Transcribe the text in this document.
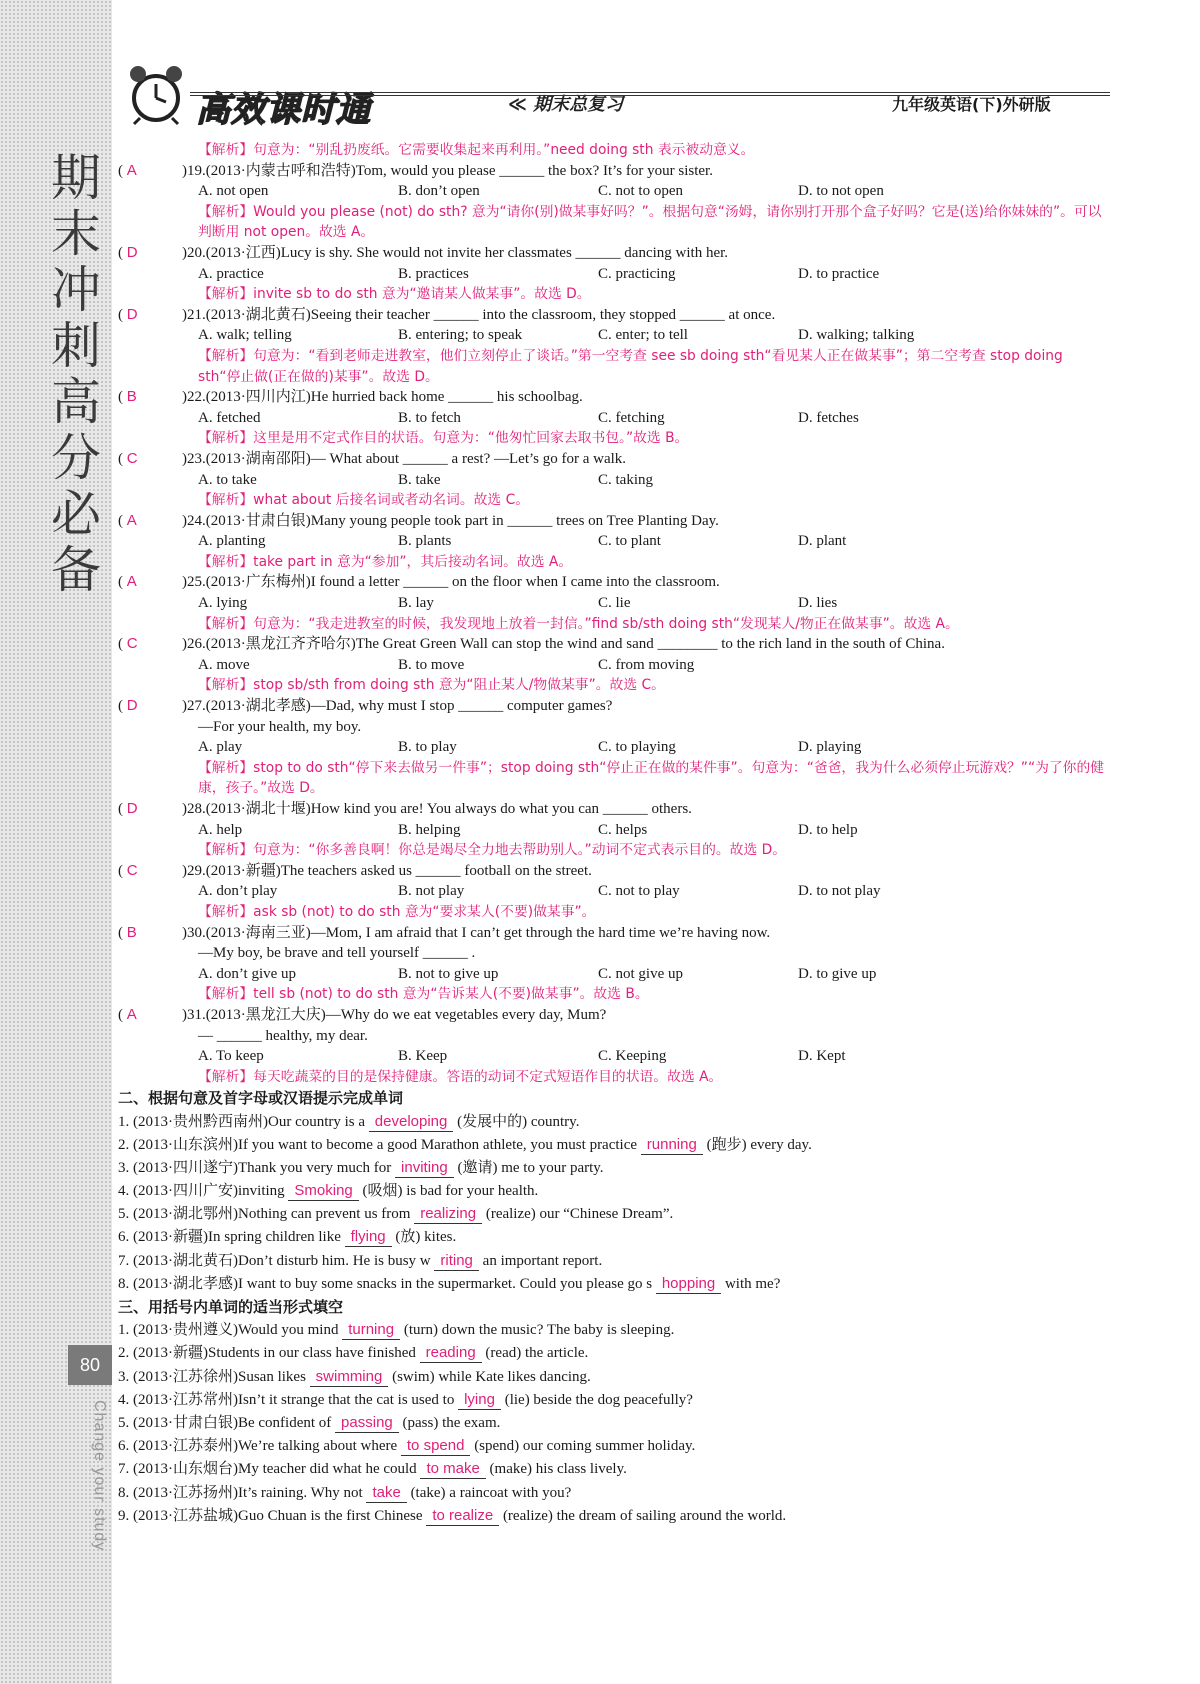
期
末
冲
刺
高
分
必
备
80
Change your study
高效课时通	≪ 期末总复习	九年级英语(下)外研版
【解析】句意为：“别乱扔废纸。它需要收集起来再利用。”need doing sth 表示被动意义。
( A	)19.(2013·内蒙古呼和浩特)Tom, would you please ______ the box? It’s for your sister.
A. not open	B. don’t open	C. not to open	D. to not open
【解析】Would you please (not) do sth? 意为“请你(别)做某事好吗？”。根据句意“汤姆，请你别打开那个盒子好吗？它是(送)给你妹妹的”。可以判断用 not open。故选 A。
( D	)20.(2013·江西)Lucy is shy. She would not invite her classmates ______ dancing with her.
A. practice	B. practices	C. practicing	D. to practice
【解析】invite sb to do sth 意为“邀请某人做某事”。故选 D。
( D	)21.(2013·湖北黄石)Seeing their teacher ______ into the classroom, they stopped ______ at once.
A. walk; telling	B. entering; to speak	C. enter; to tell	D. walking; talking
【解析】句意为：“看到老师走进教室，他们立刻停止了谈话。”第一空考查 see sb doing sth“看见某人正在做某事”；第二空考查 stop doing sth“停止做(正在做的)某事”。故选 D。
( B	)22.(2013·四川内江)He hurried back home ______ his schoolbag.
A. fetched	B. to fetch	C. fetching	D. fetches
【解析】这里是用不定式作目的状语。句意为：“他匆忙回家去取书包。”故选 B。
( C	)23.(2013·湖南邵阳)— What about ______ a rest? —Let’s go for a walk.
A. to take	B. take	C. taking
【解析】what about 后接名词或者动名词。故选 C。
( A	)24.(2013·甘肃白银)Many young people took part in ______ trees on Tree Planting Day.
A. planting	B. plants	C. to plant	D. plant
【解析】take part in 意为“参加”，其后接动名词。故选 A。
( A	)25.(2013·广东梅州)I found a letter ______ on the floor when I came into the classroom.
A. lying	B. lay	C. lie	D. lies
【解析】句意为：“我走进教室的时候，我发现地上放着一封信。”find sb/sth doing sth“发现某人/物正在做某事”。故选 A。
( C	)26.(2013·黑龙江齐齐哈尔)The Great Green Wall can stop the wind and sand ________ to the rich land in the south of China.
A. move	B. to move	C. from moving
【解析】stop sb/sth from doing sth 意为“阻止某人/物做某事”。故选 C。
( D	)27.(2013·湖北孝感)—Dad, why must I stop ______ computer games?
—For your health, my boy.
A. play	B. to play	C. to playing	D. playing
【解析】stop to do sth“停下来去做另一件事”；stop doing sth“停止正在做的某件事”。句意为：“爸爸，我为什么必须停止玩游戏？”“为了你的健康，孩子。”故选 D。
( D	)28.(2013·湖北十堰)How kind you are! You always do what you can ______ others.
A. help	B. helping	C. helps	D. to help
【解析】句意为：“你多善良啊！你总是竭尽全力地去帮助别人。”动词不定式表示目的。故选 D。
( C	)29.(2013·新疆)The teachers asked us ______ football on the street.
A. don’t play	B. not play	C. not to play	D. to not play
【解析】ask sb (not) to do sth 意为“要求某人(不要)做某事”。
( B	)30.(2013·海南三亚)—Mom, I am afraid that I can’t get through the hard time we’re having now.
—My boy, be brave and tell yourself ______ .
A. don’t give up	B. not to give up	C. not give up	D. to give up
【解析】tell sb (not) to do sth 意为“告诉某人(不要)做某事”。故选 B。
( A	)31.(2013·黑龙江大庆)—Why do we eat vegetables every day, Mum?
— ______ healthy, my dear.
A. To keep	B. Keep	C. Keeping	D. Kept
【解析】每天吃蔬菜的目的是保持健康。答语的动词不定式短语作目的状语。故选 A。
二、根据句意及首字母或汉语提示完成单词
1. (2013·贵州黔西南州)Our country is a developing (发展中的) country.
2. (2013·山东滨州)If you want to become a good Marathon athlete, you must practice running (跑步) every day.
3. (2013·四川遂宁)Thank you very much for inviting (邀请) me to your party.
4. (2013·四川广安)inviting Smoking (吸烟) is bad for your health.
5. (2013·湖北鄂州)Nothing can prevent us from realizing (realize) our “Chinese Dream”.
6. (2013·新疆)In spring children like flying (放) kites.
7. (2013·湖北黄石)Don’t disturb him. He is busy w riting an important report.
8. (2013·湖北孝感)I want to buy some snacks in the supermarket. Could you please go s hopping with me?
三、用括号内单词的适当形式填空
1. (2013·贵州遵义)Would you mind turning (turn) down the music? The baby is sleeping.
2. (2013·新疆)Students in our class have finished reading (read) the article.
3. (2013·江苏徐州)Susan likes swimming (swim) while Kate likes dancing.
4. (2013·江苏常州)Isn’t it strange that the cat is used to lying (lie) beside the dog peacefully?
5. (2013·甘肃白银)Be confident of passing (pass) the exam.
6. (2013·江苏泰州)We’re talking about where to spend (spend) our coming summer holiday.
7. (2013·山东烟台)My teacher did what he could to make (make) his class lively.
8. (2013·江苏扬州)It’s raining. Why not take (take) a raincoat with you?
9. (2013·江苏盐城)Guo Chuan is the first Chinese to realize (realize) the dream of sailing around the world.
